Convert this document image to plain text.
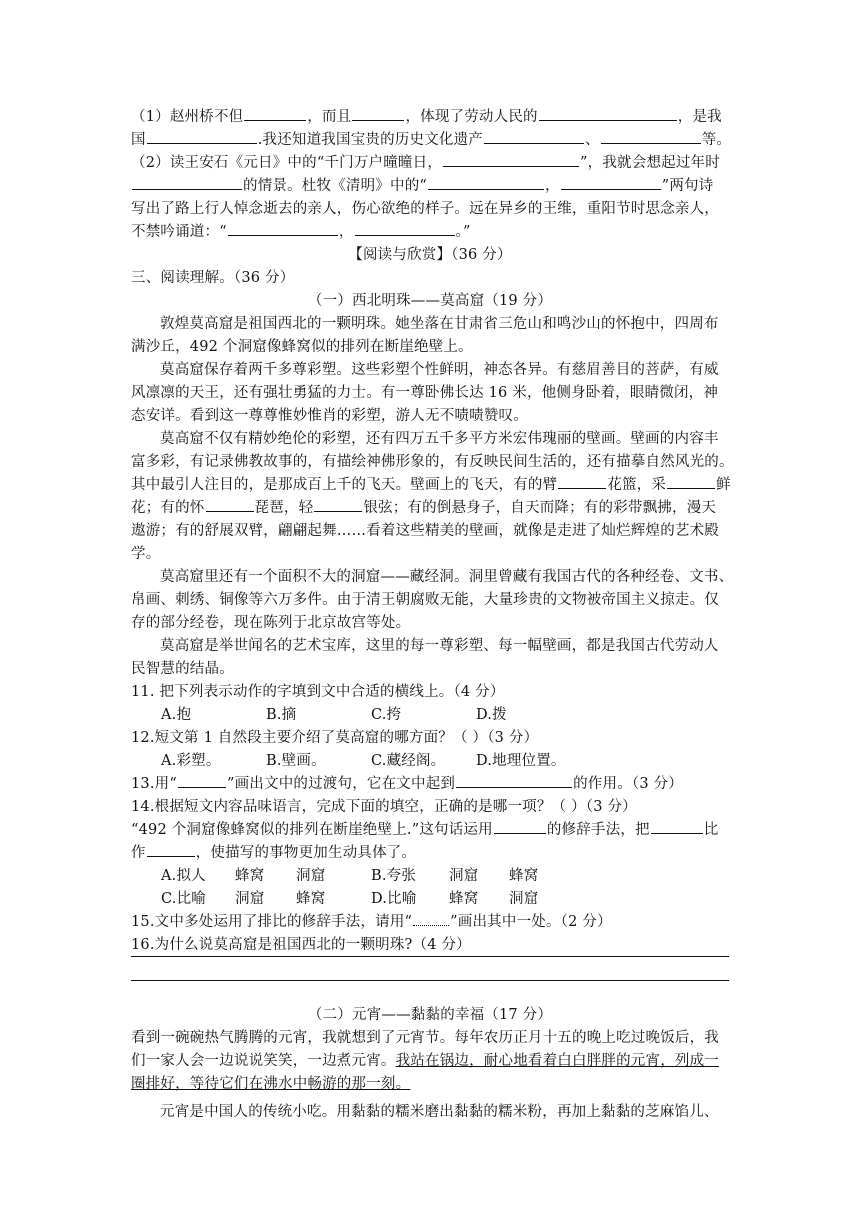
（1）赵州桥不但	，而且	，体现了劳动人民的	，是我
国	.我还知道我国宝贵的历史文化遗产	、	等。
（2）读王安石《元日》中的“千门万户曈曈日，	”，我就会想起过年时
的情景。杜牧《清明》中的“	，	”两句诗
写出了路上行人悼念逝去的亲人，伤心欲绝的样子。远在异乡的王维，重阳节时思念亲人，
不禁吟诵道：“	，	。”
【阅读与欣赏】（36 分）
三、阅读理解。（36 分）
（一）西北明珠——莫高窟（19 分）
敦煌莫高窟是祖国西北的一颗明珠。她坐落在甘肃省三危山和鸣沙山的怀抱中，四周布
满沙丘，492 个洞窟像蜂窝似的排列在断崖绝壁上。
莫高窟保存着两千多尊彩塑。这些彩塑个性鲜明，神态各异。有慈眉善目的菩萨，有威
风凛凛的天王，还有强壮勇猛的力士。有一尊卧佛长达 16 米，他侧身卧着，眼睛微闭，神
态安详。看到这一尊尊惟妙惟肖的彩塑，游人无不啧啧赞叹。
莫高窟不仅有精妙绝伦的彩塑，还有四万五千多平方米宏伟瑰丽的壁画。壁画的内容丰
富多彩，有记录佛教故事的，有描绘神佛形象的，有反映民间生活的，还有描摹自然风光的。
其中最引人注目的，是那成百上千的飞天。壁画上的飞天，有的臂	花篮，采	鲜
花；有的怀	琵琶，轻	银弦；有的倒悬身子，自天而降；有的彩带飘拂，漫天
遨游；有的舒展双臂，翩翩起舞……看着这些精美的壁画，就像是走进了灿烂辉煌的艺术殿
学。
莫高窟里还有一个面积不大的洞窟——藏经洞。洞里曾藏有我国古代的各种经卷、文书、
帛画、刺绣、铜像等六万多件。由于清王朝腐败无能，大量珍贵的文物被帝国主义掠走。仅
存的部分经卷，现在陈列于北京故宫等处。
莫高窟是举世闻名的艺术宝库，这里的每一尊彩塑、每一幅壁画，都是我国古代劳动人
民智慧的结晶。
11. 把下列表示动作的字填到文中合适的横线上。（4 分）
A.抱	B.摘	C.挎	D.拨
12.短文第 1 自然段主要介绍了莫高窟的哪方面？（ ）（3 分）
A.彩塑。	B.壁画。	C.藏经阁。 D.地理位置。
13.用“	”画出文中的过渡句，它在文中起到	的作用。（3 分）
14.根据短文内容品味语言，完成下面的填空，正确的是哪一项？（ ）（3 分）
“492 个洞窟像蜂窝似的排列在断崖绝壁上.”这句话运用	的修辞手法，把	比
作	，使描写的事物更加生动具体了。
A.拟人 蜂窝 洞窟	B.夸张 洞窟 蜂窝
C.比喻 洞窟 蜂窝	D.比喻 蜂窝 洞窟
15.文中多处运用了排比的修辞手法，请用“	”画出其中一处。（2 分）
16.为什么说莫高窟是祖国西北的一颗明珠?（4 分）
（二）元宵——黏黏的幸福（17 分）
看到一碗碗热气腾腾的元宵，我就想到了元宵节。每年农历正月十五的晚上吃过晚饭后，我
们一家人会一边说说笑笑，一边煮元宵。我站在锅边，耐心地看着白白胖胖的元宵，列成一
圈排好，等待它们在沸水中畅游的那一刻。
元宵是中国人的传统小吃。用黏黏的糯米磨出黏黏的糯米粉，再加上黏黏的芝麻馅儿、
